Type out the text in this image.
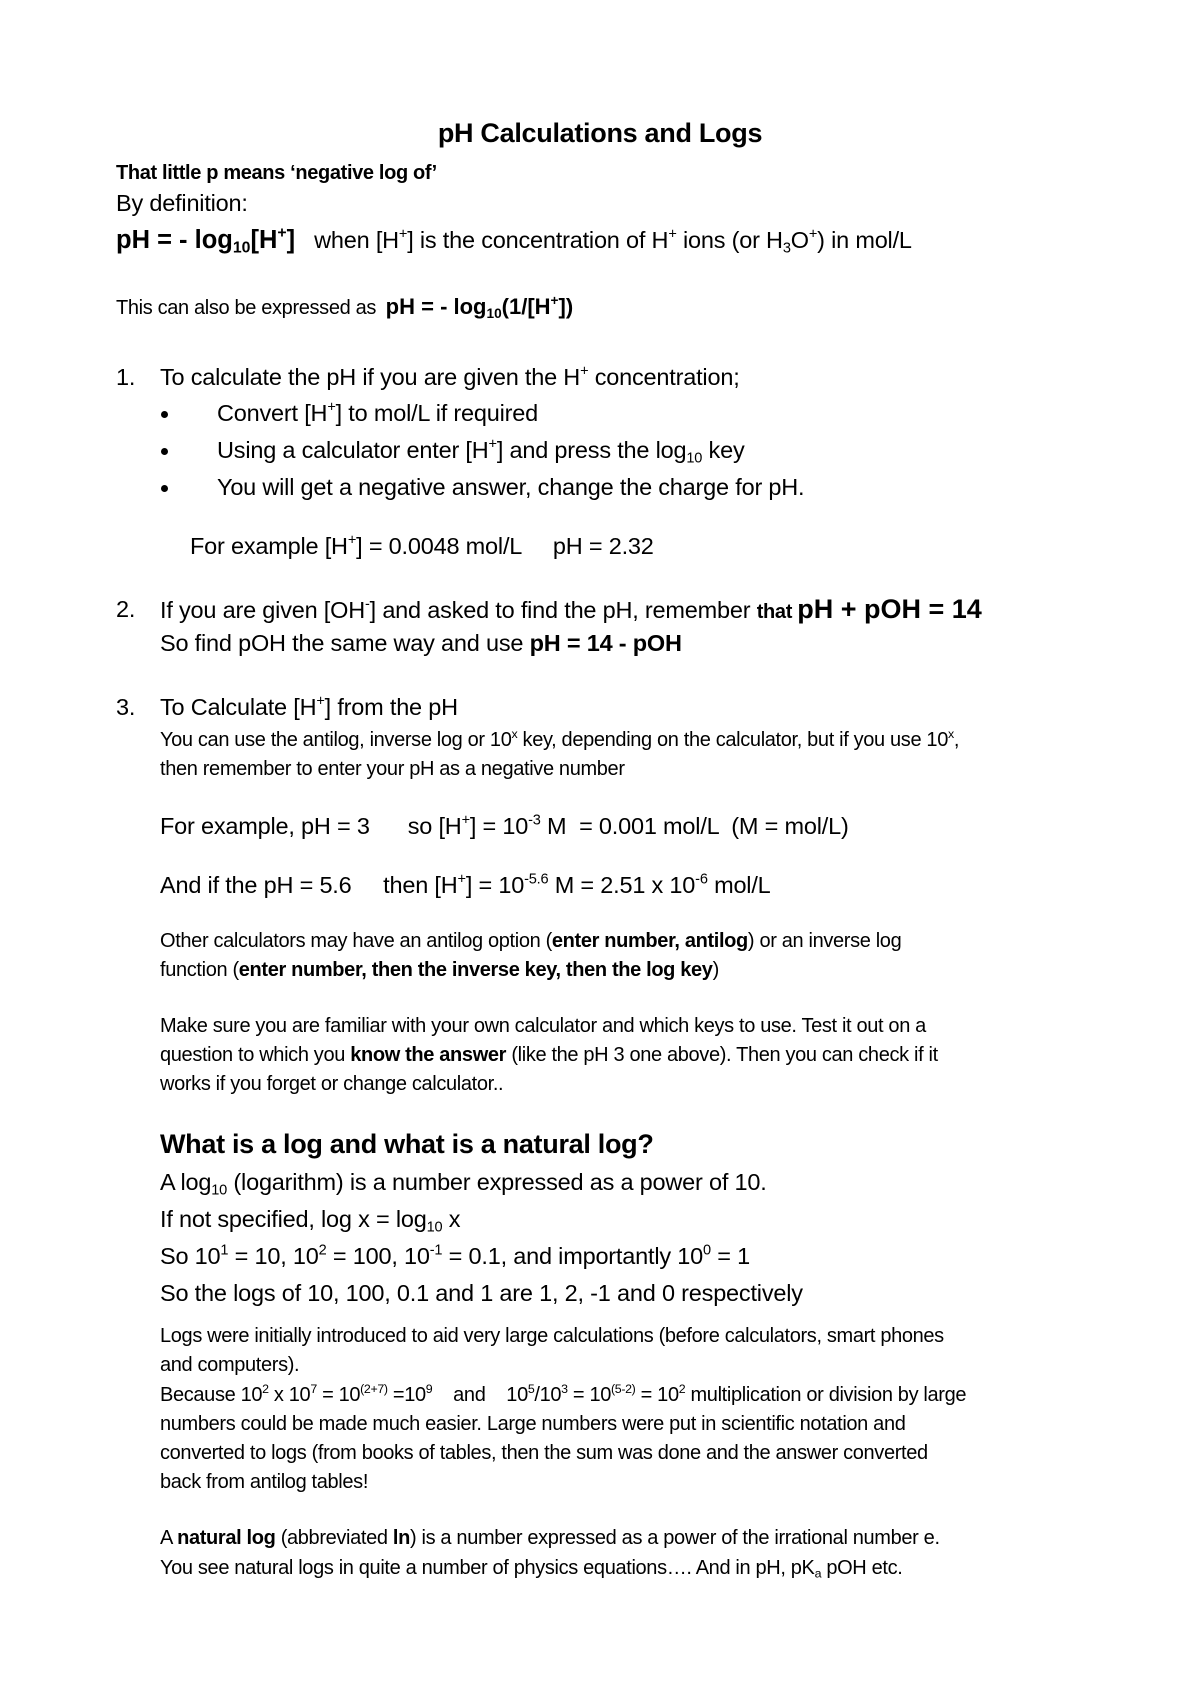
pH Calculations and Logs
That little p means ‘negative log of’
By definition:
pH = - $\log_{10}[H^+]$   when [H+] is the concentration of H+ ions (or $H_3O^+$) in mol/L
This can also be expressed as  pH = - $\log_{10}(1/[H^+])$
1. To calculate the pH if you are given the H+ concentration;
Convert [H+] to mol/L if required
Using a calculator enter [H+] and press the $\log_{10}$ key
You will get a negative answer, change the charge for pH.
For example [H+] = 0.0048 mol/L     pH = 2.32
2. If you are given [OH-] and asked to find the pH, remember that pH + pOH = 14
So find pOH the same way and use pH = 14 - pOH
3. To Calculate [H+] from the pH
You can use the antilog, inverse log or 10$^x$ key, depending on the calculator, but if you use 10$^x$,
then remember to enter your pH as a negative number
For example, pH = 3      so $[H^+] = 10^{-3}$ M  = 0.001 mol/L  (M = mol/L)
And if the pH = 5.6     then $[H^+] = 10^{-5.6}$ M = 2.51 x $10^{-6}$ mol/L
Other calculators may have an antilog option (enter number, antilog) or an inverse log
function (enter number, then the inverse key, then the log key)
Make sure you are familiar with your own calculator and which keys to use. Test it out on a
question to which you know the answer (like the pH 3 one above). Then you can check if it
works if you forget or change calculator..
What is a log and what is a natural log?
A $\log_{10}$ (logarithm) is a number expressed as a power of 10.
If not specified, $\log x = \log_{10} x$
So $10^1 = 10$, $10^2 = 100$, $10^{-1} = 0.1$, and importantly $10^0 = 1$
So the logs of 10, 100, 0.1 and 1 are 1, 2, -1 and 0 respectively
Logs were initially introduced to aid very large calculations (before calculators, smart phones
and computers).
Because $10^2$ x $10^7 = 10^{(2+7)} =10^9$    and    $10^5/10^3 = 10^{(5-2)} = 10^2$ multiplication or division by large
numbers could be made much easier. Large numbers were put in scientific notation and
converted to logs (from books of tables, then the sum was done and the answer converted
back from antilog tables!
A natural log (abbreviated ln) is a number expressed as a power of the irrational number e.
You see natural logs in quite a number of physics equations…. And in pH, $pK_a$ pOH etc.
